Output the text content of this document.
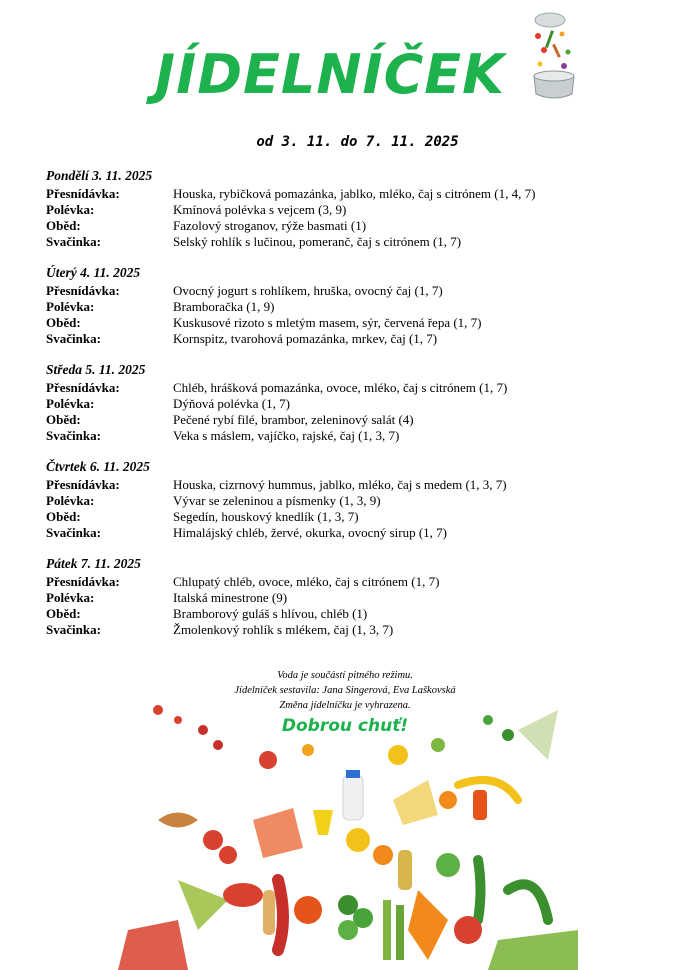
JÍDELNÍČEK
od 3. 11. do 7. 11. 2025
Pondělí 3. 11. 2025
Přesnídávka:	Houska, rybičková pomazánka, jablko, mléko, čaj s citrónem (1, 4, 7)
Polévka:	Kmínová polévka s vejcem (3, 9)
Oběd:	Fazolový stroganov, rýže basmati (1)
Svačinka:	Selský rohlík s lučinou, pomeranč, čaj s citrónem (1, 7)
Úterý 4. 11. 2025
Přesnídávka:	Ovocný jogurt s rohlíkem, hruška, ovocný čaj (1, 7)
Polévka:	Bramboračka (1, 9)
Oběd:	Kuskusové rizoto s mletým masem, sýr, červená řepa (1, 7)
Svačinka:	Kornspitz, tvarohová pomazánka, mrkev, čaj (1, 7)
Středa 5. 11. 2025
Přesnídávka:	Chléb, hrášková pomazánka, ovoce, mléko, čaj s citrónem (1, 7)
Polévka:	Dýňová polévka (1, 7)
Oběd:	Pečené rybí filé, brambor, zeleninový salát (4)
Svačinka:	Veka s máslem, vajíčko, rajské, čaj (1, 3, 7)
Čtvrtek 6. 11. 2025
Přesnídávka:	Houska, cizrnový hummus, jablko, mléko, čaj s medem (1, 3, 7)
Polévka:	Vývar se zeleninou a písmenky (1, 3, 9)
Oběd:	Segedín, houskový knedlík (1, 3, 7)
Svačinka:	Himalájský chléb, žervé, okurka, ovocný sirup (1, 7)
Pátek 7. 11. 2025
Přesnídávka:	Chlupatý chléb, ovoce, mléko, čaj s citrónem (1, 7)
Polévka:	Italská minestrone (9)
Oběd:	Bramborový guláš s hlívou, chléb (1)
Svačinka:	Žmolenkový rohlík s mlékem, čaj (1, 3, 7)
Voda je součástí pitného režimu.
Jídelníček sestavila: Jana Singerová, Eva Laškovská
Změna jídelníčku je vyhrazena.
Dobrou chuť!
